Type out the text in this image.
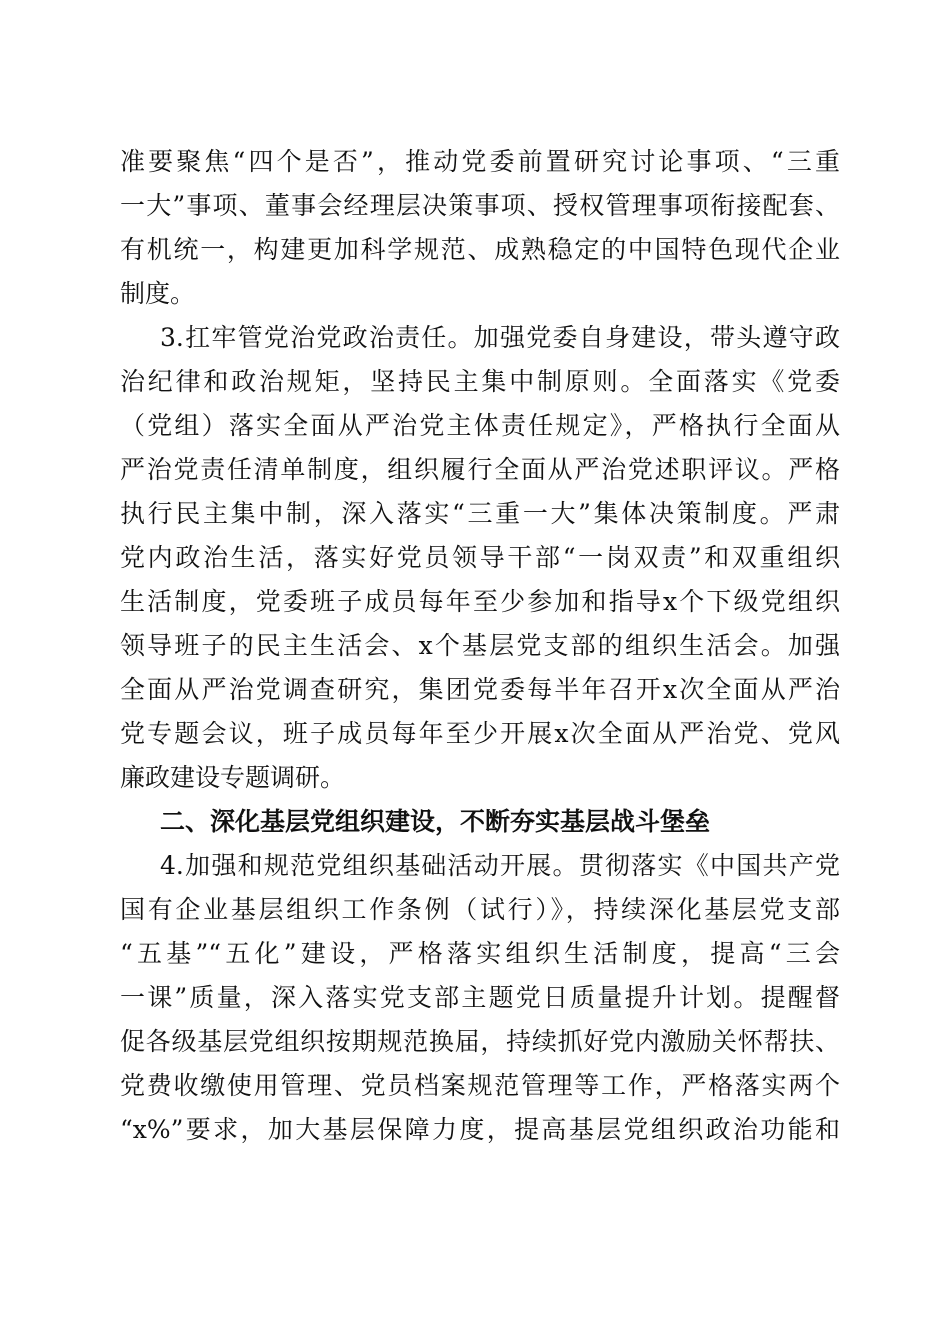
准要聚焦“四个是否”，推动党委前置研究讨论事项、“三重
一大”事项、董事会经理层决策事项、授权管理事项衔接配套、
有机统一，构建更加科学规范、成熟稳定的中国特色现代企业
制度。
3.扛牢管党治党政治责任。加强党委自身建设，带头遵守政
治纪律和政治规矩，坚持民主集中制原则。全面落实《党委
（党组）落实全面从严治党主体责任规定》，严格执行全面从
严治党责任清单制度，组织履行全面从严治党述职评议。严格
执行民主集中制，深入落实“三重一大”集体决策制度。严肃
党内政治生活，落实好党员领导干部“一岗双责”和双重组织
生活制度，党委班子成员每年至少参加和指导x个下级党组织
领导班子的民主生活会、x个基层党支部的组织生活会。加强
全面从严治党调查研究，集团党委每半年召开x次全面从严治
党专题会议，班子成员每年至少开展x次全面从严治党、党风
廉政建设专题调研。
二、深化基层党组织建设，不断夯实基层战斗堡垒
4.加强和规范党组织基础活动开展。贯彻落实《中国共产党
国有企业基层组织工作条例（试行）》，持续深化基层党支部
“五基”“五化”建设，严格落实组织生活制度，提高“三会
一课”质量，深入落实党支部主题党日质量提升计划。提醒督
促各级基层党组织按期规范换届，持续抓好党内激励关怀帮扶、
党费收缴使用管理、党员档案规范管理等工作，严格落实两个
“x%”要求，加大基层保障力度，提高基层党组织政治功能和
